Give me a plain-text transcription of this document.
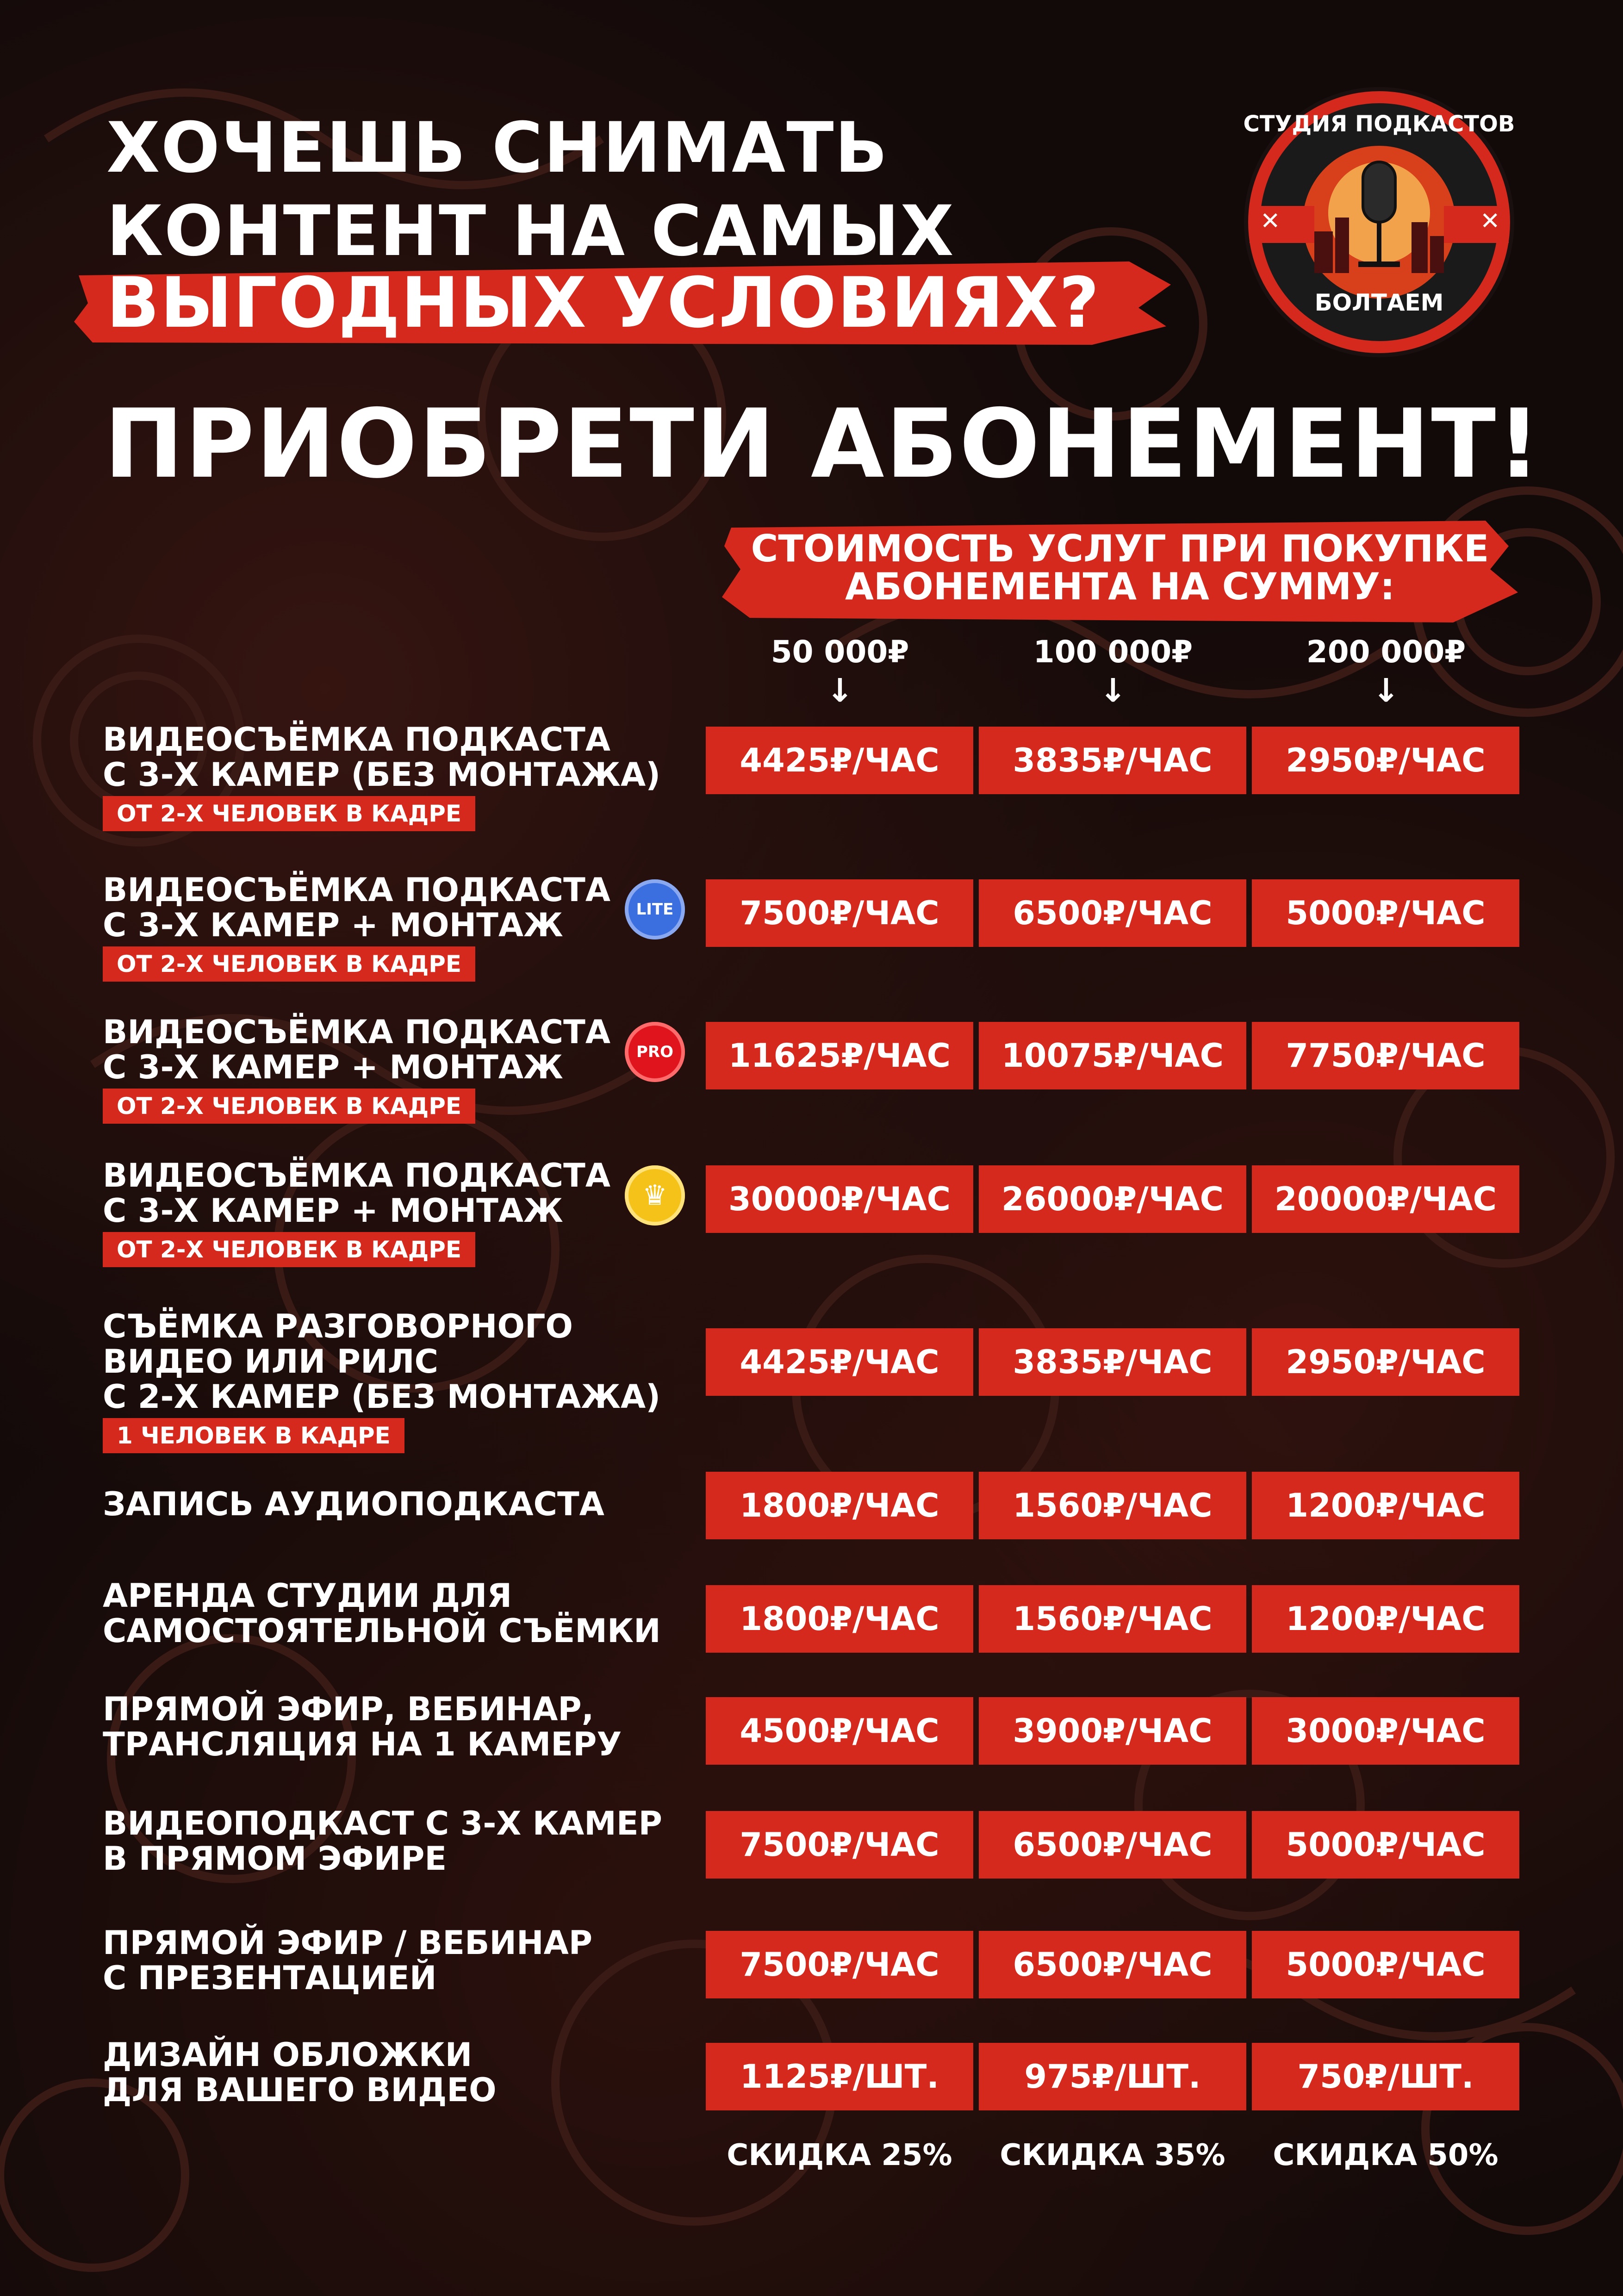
ХОЧЕШЬ СНИМАТЬ
КОНТЕНТ НА САМЫХ
ВЫГОДНЫХ УСЛОВИЯХ?
ПРИОБРЕТИ АБОНЕМЕНТ!
СТУДИЯ ПОДКАСТОВ
БОЛТАЕМ
✕	✕
СТОИМОСТЬ УСЛУГ ПРИ ПОКУПКЕ
АБОНЕМЕНТА НА СУММУ:
50 000₽
↓
100 000₽
↓
200 000₽
↓
ВИДЕОСЪЁМКА ПОДКАСТА
С 3-Х КАМЕР (БЕЗ МОНТАЖА)
ОТ 2-Х ЧЕЛОВЕК В КАДРЕ
4425₽/ЧАС	3835₽/ЧАС	2950₽/ЧАС
ВИДЕОСЪЁМКА ПОДКАСТА
С 3-Х КАМЕР + МОНТАЖ
ОТ 2-Х ЧЕЛОВЕК В КАДРЕ
LITE	7500₽/ЧАС	6500₽/ЧАС	5000₽/ЧАС
ВИДЕОСЪЁМКА ПОДКАСТА
С 3-Х КАМЕР + МОНТАЖ
ОТ 2-Х ЧЕЛОВЕК В КАДРЕ
PRO	11625₽/ЧАС	10075₽/ЧАС	7750₽/ЧАС
ВИДЕОСЪЁМКА ПОДКАСТА
С 3-Х КАМЕР + МОНТАЖ
ОТ 2-Х ЧЕЛОВЕК В КАДРЕ
♛	30000₽/ЧАС	26000₽/ЧАС	20000₽/ЧАС
СЪЁМКА РАЗГОВОРНОГО
ВИДЕО ИЛИ РИЛС
С 2-Х КАМЕР (БЕЗ МОНТАЖА)
1 ЧЕЛОВЕК В КАДРЕ
4425₽/ЧАС	3835₽/ЧАС	2950₽/ЧАС
ЗАПИСЬ АУДИОПОДКАСТА	1800₽/ЧАС	1560₽/ЧАС	1200₽/ЧАС
АРЕНДА СТУДИИ ДЛЯ
САМОСТОЯТЕЛЬНОЙ СЪЁМКИ	1800₽/ЧАС	1560₽/ЧАС	1200₽/ЧАС
ПРЯМОЙ ЭФИР, ВЕБИНАР,
ТРАНСЛЯЦИЯ НА 1 КАМЕРУ	4500₽/ЧАС	3900₽/ЧАС	3000₽/ЧАС
ВИДЕОПОДКАСТ С 3-Х КАМЕР
В ПРЯМОМ ЭФИРЕ	7500₽/ЧАС	6500₽/ЧАС	5000₽/ЧАС
ПРЯМОЙ ЭФИР / ВЕБИНАР
С ПРЕЗЕНТАЦИЕЙ	7500₽/ЧАС	6500₽/ЧАС	5000₽/ЧАС
ДИЗАЙН ОБЛОЖКИ
ДЛЯ ВАШЕГО ВИДЕО	1125₽/ШТ.	975₽/ШТ.	750₽/ШТ.
СКИДКА 25%	СКИДКА 35%	СКИДКА 50%
